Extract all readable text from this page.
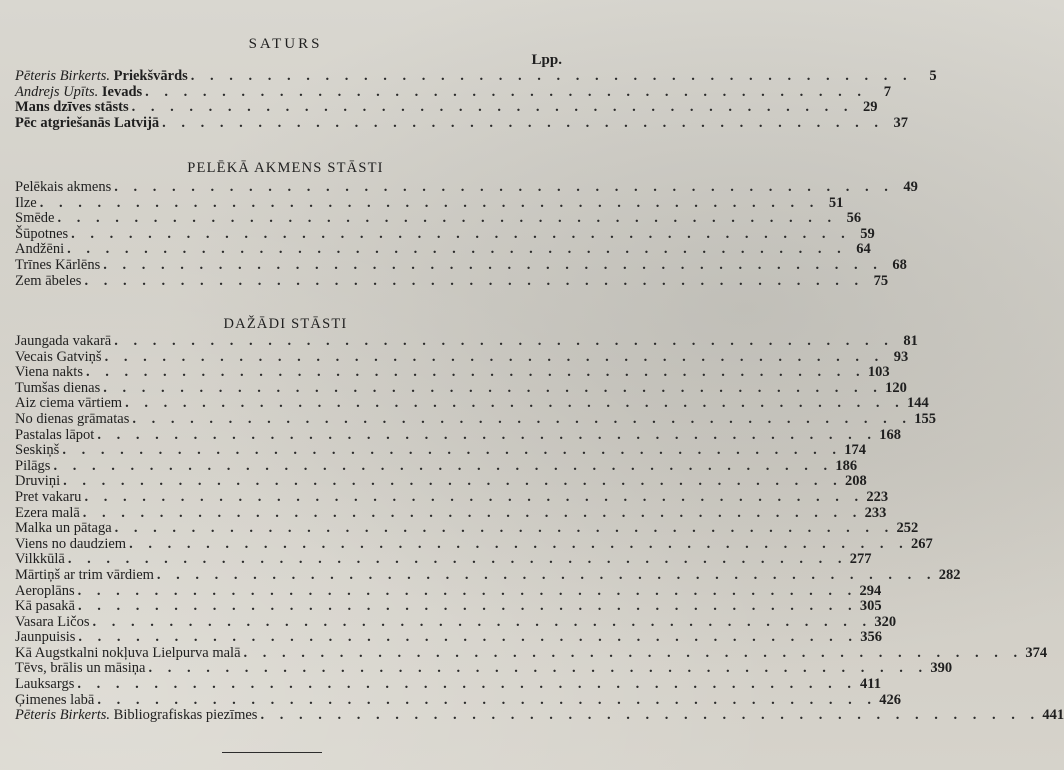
SATURS
Lpp.
Pēteris Birkerts. Priekšvārds . . . . . . . . . . . . . . . . . . . . . . . . . . . . . . . . . . . . . .	5
Andrejs Upīts. Ievads . . . . . . . . . . . . . . . . . . . . . . . . . . . . . . . . . . . . . .	7
Mans dzīves stāsts . . . . . . . . . . . . . . . . . . . . . . . . . . . . . . . . . . . . . . 29
Pēc atgriešanās Latvijā . . . . . . . . . . . . . . . . . . . . . . . . . . . . . . . . . . . . . . 37
PELĒKĀ AKMENS STĀSTI
Pelēkais akmens . . . . . . . . . . . . . . . . . . . . . . . . . . . . . . . . . . . . . . . . . 49
Ilze . . . . . . . . . . . . . . . . . . . . . . . . . . . . . . . . . . . . . . . . . 51
Smēde . . . . . . . . . . . . . . . . . . . . . . . . . . . . . . . . . . . . . . . . . 56
Šūpotnes . . . . . . . . . . . . . . . . . . . . . . . . . . . . . . . . . . . . . . . . . 59
Andžēni . . . . . . . . . . . . . . . . . . . . . . . . . . . . . . . . . . . . . . . . . 64
Trīnes Kārlēns . . . . . . . . . . . . . . . . . . . . . . . . . . . . . . . . . . . . . . . . . 68
Zem ābeles . . . . . . . . . . . . . . . . . . . . . . . . . . . . . . . . . . . . . . . . . 75
DAŽĀDI STĀSTI
Jaungada vakarā . . . . . . . . . . . . . . . . . . . . . . . . . . . . . . . . . . . . . . . . . 81
Vecais Gatviņš . . . . . . . . . . . . . . . . . . . . . . . . . . . . . . . . . . . . . . . . . 93
Viena nakts . . . . . . . . . . . . . . . . . . . . . . . . . . . . . . . . . . . . . . . . . 103
Tumšas dienas . . . . . . . . . . . . . . . . . . . . . . . . . . . . . . . . . . . . . . . . . 120
Aiz ciema vārtiem . . . . . . . . . . . . . . . . . . . . . . . . . . . . . . . . . . . . . . . . . 144
No dienas grāmatas . . . . . . . . . . . . . . . . . . . . . . . . . . . . . . . . . . . . . . . . . 155
Pastalas lāpot . . . . . . . . . . . . . . . . . . . . . . . . . . . . . . . . . . . . . . . . . 168
Seskiņš . . . . . . . . . . . . . . . . . . . . . . . . . . . . . . . . . . . . . . . . . 174
Pilāgs . . . . . . . . . . . . . . . . . . . . . . . . . . . . . . . . . . . . . . . . . 186
Druviņi . . . . . . . . . . . . . . . . . . . . . . . . . . . . . . . . . . . . . . . . . 208
Pret vakaru . . . . . . . . . . . . . . . . . . . . . . . . . . . . . . . . . . . . . . . . . 223
Ezera malā . . . . . . . . . . . . . . . . . . . . . . . . . . . . . . . . . . . . . . . . . 233
Malka un pātaga . . . . . . . . . . . . . . . . . . . . . . . . . . . . . . . . . . . . . . . . . 252
Viens no daudziem . . . . . . . . . . . . . . . . . . . . . . . . . . . . . . . . . . . . . . . . . 267
Vilkkūlā . . . . . . . . . . . . . . . . . . . . . . . . . . . . . . . . . . . . . . . . . 277
Mārtiņš ar trim vārdiem . . . . . . . . . . . . . . . . . . . . . . . . . . . . . . . . . . . . . . . . . 282
Aeroplāns . . . . . . . . . . . . . . . . . . . . . . . . . . . . . . . . . . . . . . . . . 294
Kā pasakā . . . . . . . . . . . . . . . . . . . . . . . . . . . . . . . . . . . . . . . . . 305
Vasara Ličos . . . . . . . . . . . . . . . . . . . . . . . . . . . . . . . . . . . . . . . . . 320
Jaunpuisis . . . . . . . . . . . . . . . . . . . . . . . . . . . . . . . . . . . . . . . . . 356
Kā Augstkalni nokļuva Lielpurva malā . . . . . . . . . . . . . . . . . . . . . . . . . . . . . . . . . . . . . . . . . 374
Tēvs, brālis un māsiņa . . . . . . . . . . . . . . . . . . . . . . . . . . . . . . . . . . . . . . . . . 390
Lauksargs . . . . . . . . . . . . . . . . . . . . . . . . . . . . . . . . . . . . . . . . . 411
Ģimenes labā . . . . . . . . . . . . . . . . . . . . . . . . . . . . . . . . . . . . . . . . . 426
Pēteris Birkerts. Bibliografiskas piezīmes . . . . . . . . . . . . . . . . . . . . . . . . . . . . . . . . . . . . . . . . . 441
